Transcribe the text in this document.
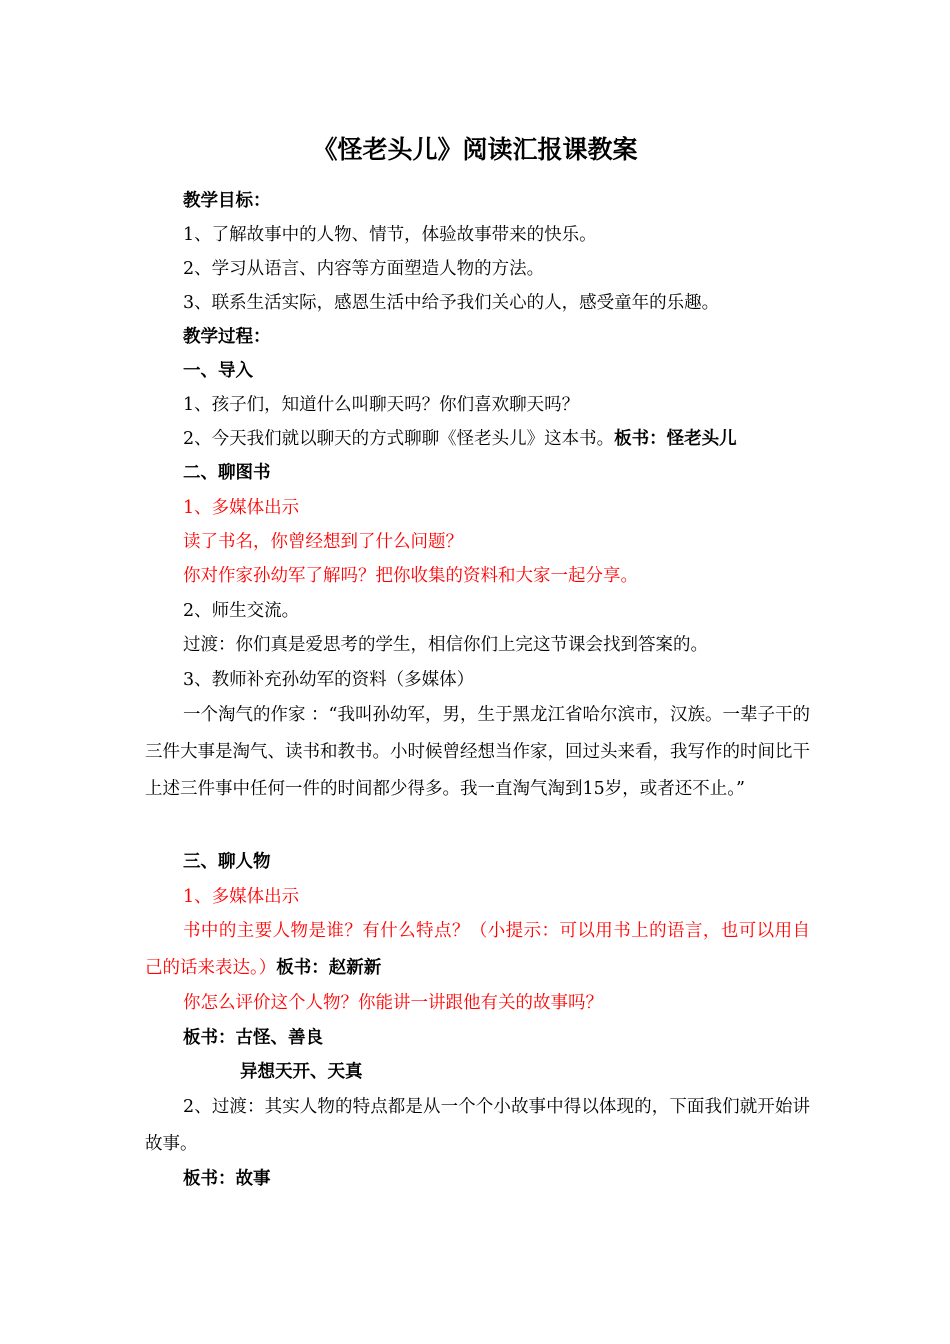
《怪老头儿》阅读汇报课教案
教学目标：
1、了解故事中的人物、情节，体验故事带来的快乐。
2、学习从语言、内容等方面塑造人物的方法。
3、联系生活实际，感恩生活中给予我们关心的人，感受童年的乐趣。
教学过程：
一、导入
1、孩子们，知道什么叫聊天吗？你们喜欢聊天吗？
2、今天我们就以聊天的方式聊聊《怪老头儿》这本书。板书：怪老头儿
二、聊图书
1、多媒体出示
读了书名，你曾经想到了什么问题？
你对作家孙幼军了解吗？把你收集的资料和大家一起分享。
2、师生交流。
过渡：你们真是爱思考的学生，相信你们上完这节课会找到答案的。
3、教师补充孙幼军的资料（多媒体）
一个淘气的作家 ：“我叫孙幼军，男，生于黑龙江省哈尔滨市，汉族。一辈子干的三件大事是淘气、读书和教书。小时候曾经想当作家，回过头来看，我写作的时间比干上述三件事中任何一件的时间都少得多。我一直淘气淘到15岁，或者还不止。”
三、聊人物
1、多媒体出示
书中的主要人物是谁？有什么特点？（小提示：可以用书上的语言，也可以用自己的话来表达。）板书：赵新新
你怎么评价这个人物？你能讲一讲跟他有关的故事吗？
板书：古怪、善良
异想天开、天真
2、过渡：其实人物的特点都是从一个个小故事中得以体现的，下面我们就开始讲故事。
板书：故事
